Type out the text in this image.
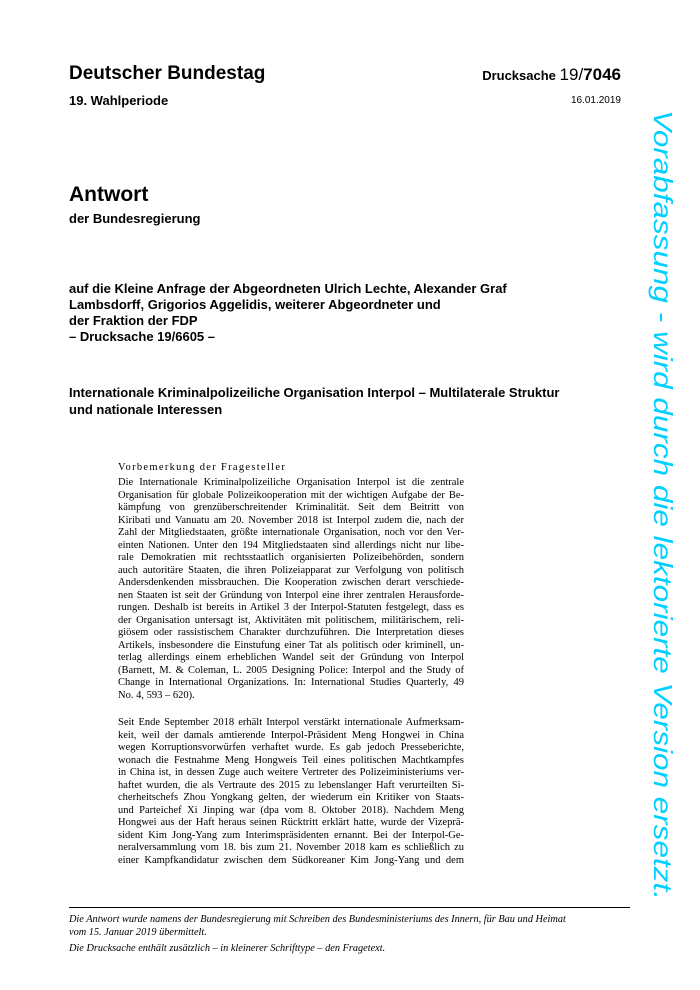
Deutscher Bundestag
19. Wahlperiode
Drucksache 19/7046
16.01.2019
Antwort
der Bundesregierung
auf die Kleine Anfrage der Abgeordneten Ulrich Lechte, Alexander Graf
Lambsdorff, Grigorios Aggelidis, weiterer Abgeordneter und
der Fraktion der FDP
– Drucksache 19/6605 –
Internationale Kriminalpolizeiliche Organisation Interpol – Multilaterale Struktur
und nationale Interessen
Vorbemerkung der Fragesteller
Die Internationale Kriminalpolizeiliche Organisation Interpol ist die zentrale
Organisation für globale Polizeikooperation mit der wichtigen Aufgabe der Be-
kämpfung von grenzüberschreitender Kriminalität. Seit dem Beitritt von
Kiribati und Vanuatu am 20. November 2018 ist Interpol zudem die, nach der
Zahl der Mitgliedstaaten, größte internationale Organisation, noch vor den Ver-
einten Nationen. Unter den 194 Mitgliedstaaten sind allerdings nicht nur libe-
rale Demokratien mit rechtsstaatlich organisierten Polizeibehörden, sondern
auch autoritäre Staaten, die ihren Polizeiapparat zur Verfolgung von politisch
Andersdenkenden missbrauchen. Die Kooperation zwischen derart verschiede-
nen Staaten ist seit der Gründung von Interpol eine ihrer zentralen Herausforde-
rungen. Deshalb ist bereits in Artikel 3 der Interpol-Statuten festgelegt, dass es
der Organisation untersagt ist, Aktivitäten mit politischem, militärischem, reli-
giösem oder rassistischem Charakter durchzuführen. Die Interpretation dieses
Artikels, insbesondere die Einstufung einer Tat als politisch oder kriminell, un-
terlag allerdings einem erheblichen Wandel seit der Gründung von Interpol
(Barnett, M. & Coleman, L. 2005 Designing Police: Interpol and the Study of
Change in International Organizations. In: International Studies Quarterly, 49
No. 4, 593 – 620).
Seit Ende September 2018 erhält Interpol verstärkt internationale Aufmerksam-
keit, weil der damals amtierende Interpol-Präsident Meng Hongwei in China
wegen Korruptionsvorwürfen verhaftet wurde. Es gab jedoch Presseberichte,
wonach die Festnahme Meng Hongweis Teil eines politischen Machtkampfes
in China ist, in dessen Zuge auch weitere Vertreter des Polizeiministeriums ver-
haftet wurden, die als Vertraute des 2015 zu lebenslanger Haft verurteilten Si-
cherheitschefs Zhou Yongkang gelten, der wiederum ein Kritiker von Staats-
und Parteichef Xi Jinping war (dpa vom 8. Oktober 2018). Nachdem Meng
Hongwei aus der Haft heraus seinen Rücktritt erklärt hatte, wurde der Vizeprä-
sident Kim Jong-Yang zum Interimspräsidenten ernannt. Bei der Interpol-Ge-
neralversammlung vom 18. bis zum 21. November 2018 kam es schließlich zu
einer Kampfkandidatur zwischen dem Südkoreaner Kim Jong-Yang und dem
Die Antwort wurde namens der Bundesregierung mit Schreiben des Bundesministeriums des Innern, für Bau und Heimat
vom 15. Januar 2019 übermittelt.
Die Drucksache enthält zusätzlich – in kleinerer Schrifttype – den Fragetext.
Vorabfassung - wird durch die lektorierte Version ersetzt.
